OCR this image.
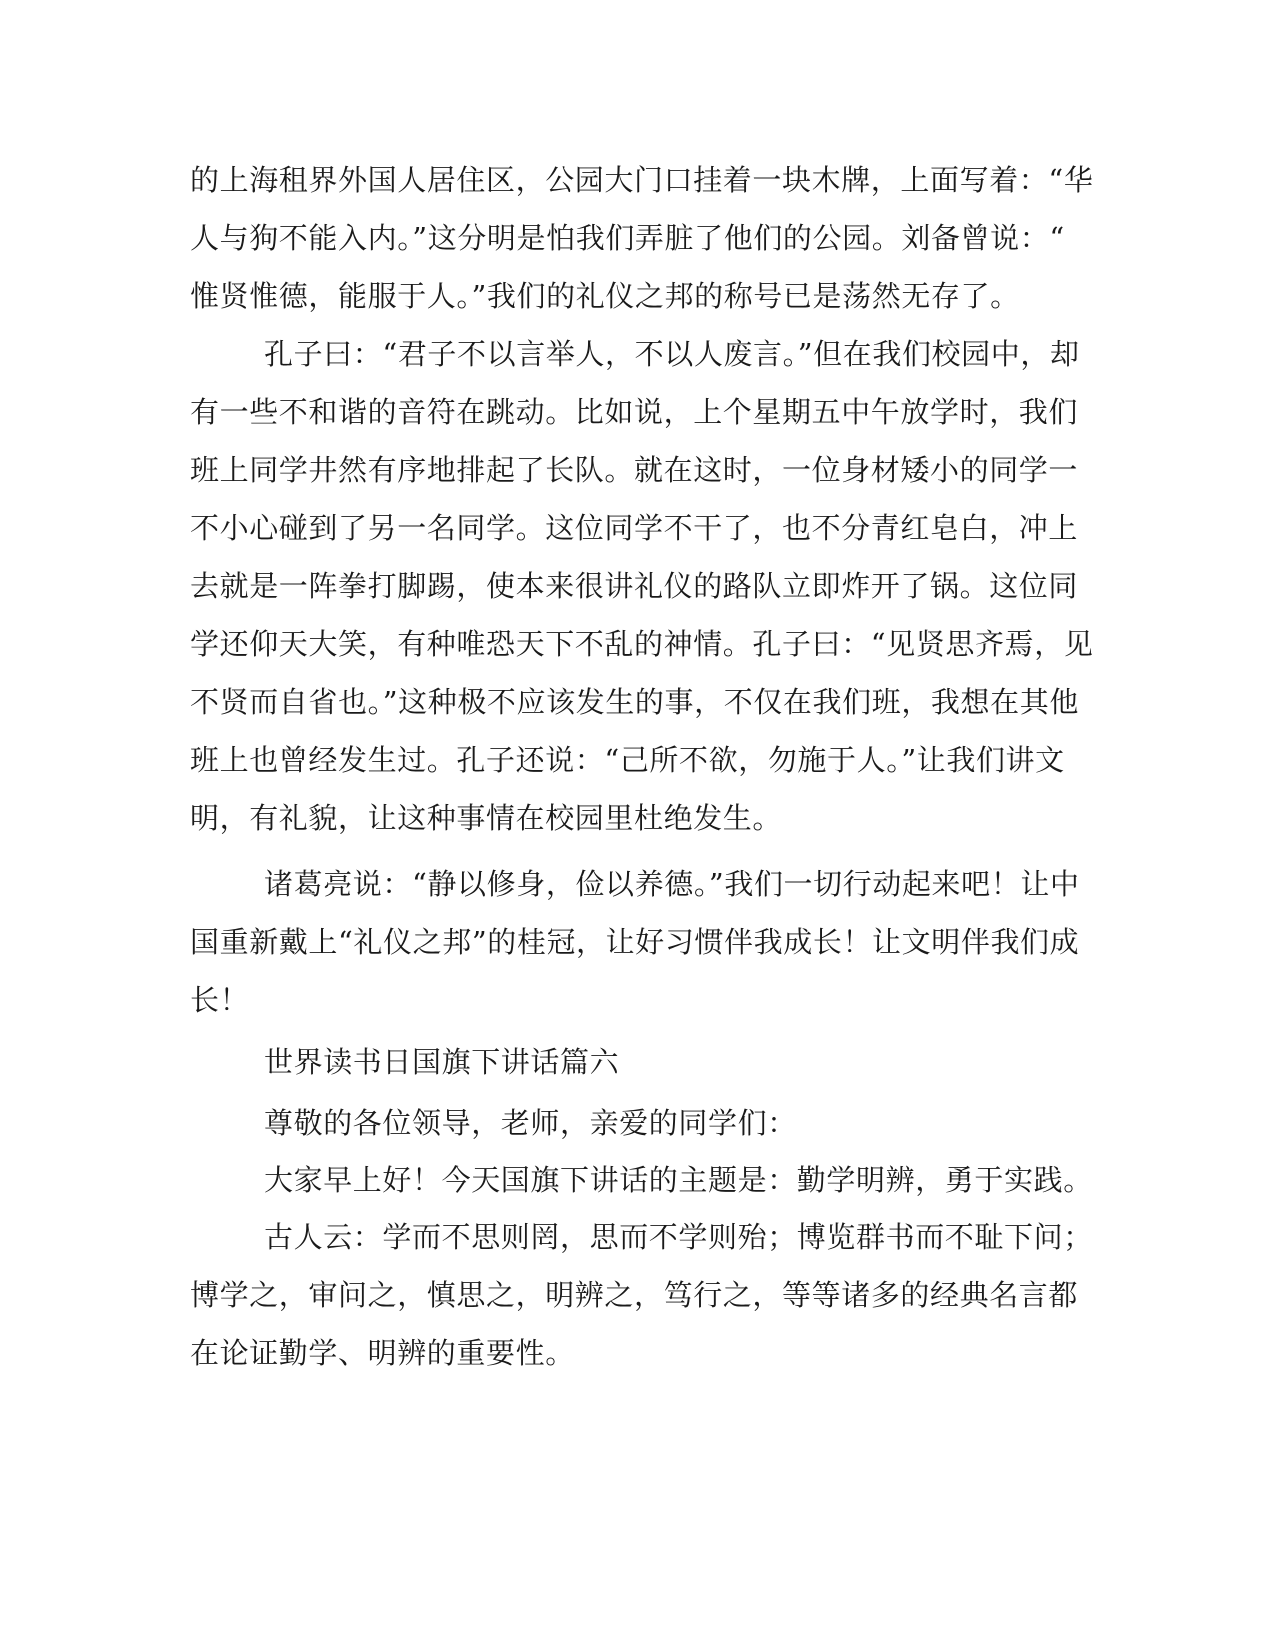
的上海租界外国人居住区，公园大门口挂着一块木牌，上面写着：“华
人与狗不能入内。”这分明是怕我们弄脏了他们的公园。刘备曾说：“
惟贤惟德，能服于人。”我们的礼仪之邦的称号已是荡然无存了。
孔子曰：“君子不以言举人，不以人废言。”但在我们校园中，却
有一些不和谐的音符在跳动。比如说，上个星期五中午放学时，我们
班上同学井然有序地排起了长队。就在这时，一位身材矮小的同学一
不小心碰到了另一名同学。这位同学不干了，也不分青红皂白，冲上
去就是一阵拳打脚踢，使本来很讲礼仪的路队立即炸开了锅。这位同
学还仰天大笑，有种唯恐天下不乱的神情。孔子曰：“见贤思齐焉，见
不贤而自省也。”这种极不应该发生的事，不仅在我们班，我想在其他
班上也曾经发生过。孔子还说：“己所不欲，勿施于人。”让我们讲文
明，有礼貌，让这种事情在校园里杜绝发生。
诸葛亮说：“静以修身，俭以养德。”我们一切行动起来吧！让中
国重新戴上“礼仪之邦”的桂冠，让好习惯伴我成长！让文明伴我们成
长！
世界读书日国旗下讲话篇六
尊敬的各位领导，老师，亲爱的同学们：
大家早上好！今天国旗下讲话的主题是：勤学明辨，勇于实践。
古人云：学而不思则罔，思而不学则殆；博览群书而不耻下问；
博学之，审问之，慎思之，明辨之，笃行之，等等诸多的经典名言都
在论证勤学、明辨的重要性。
